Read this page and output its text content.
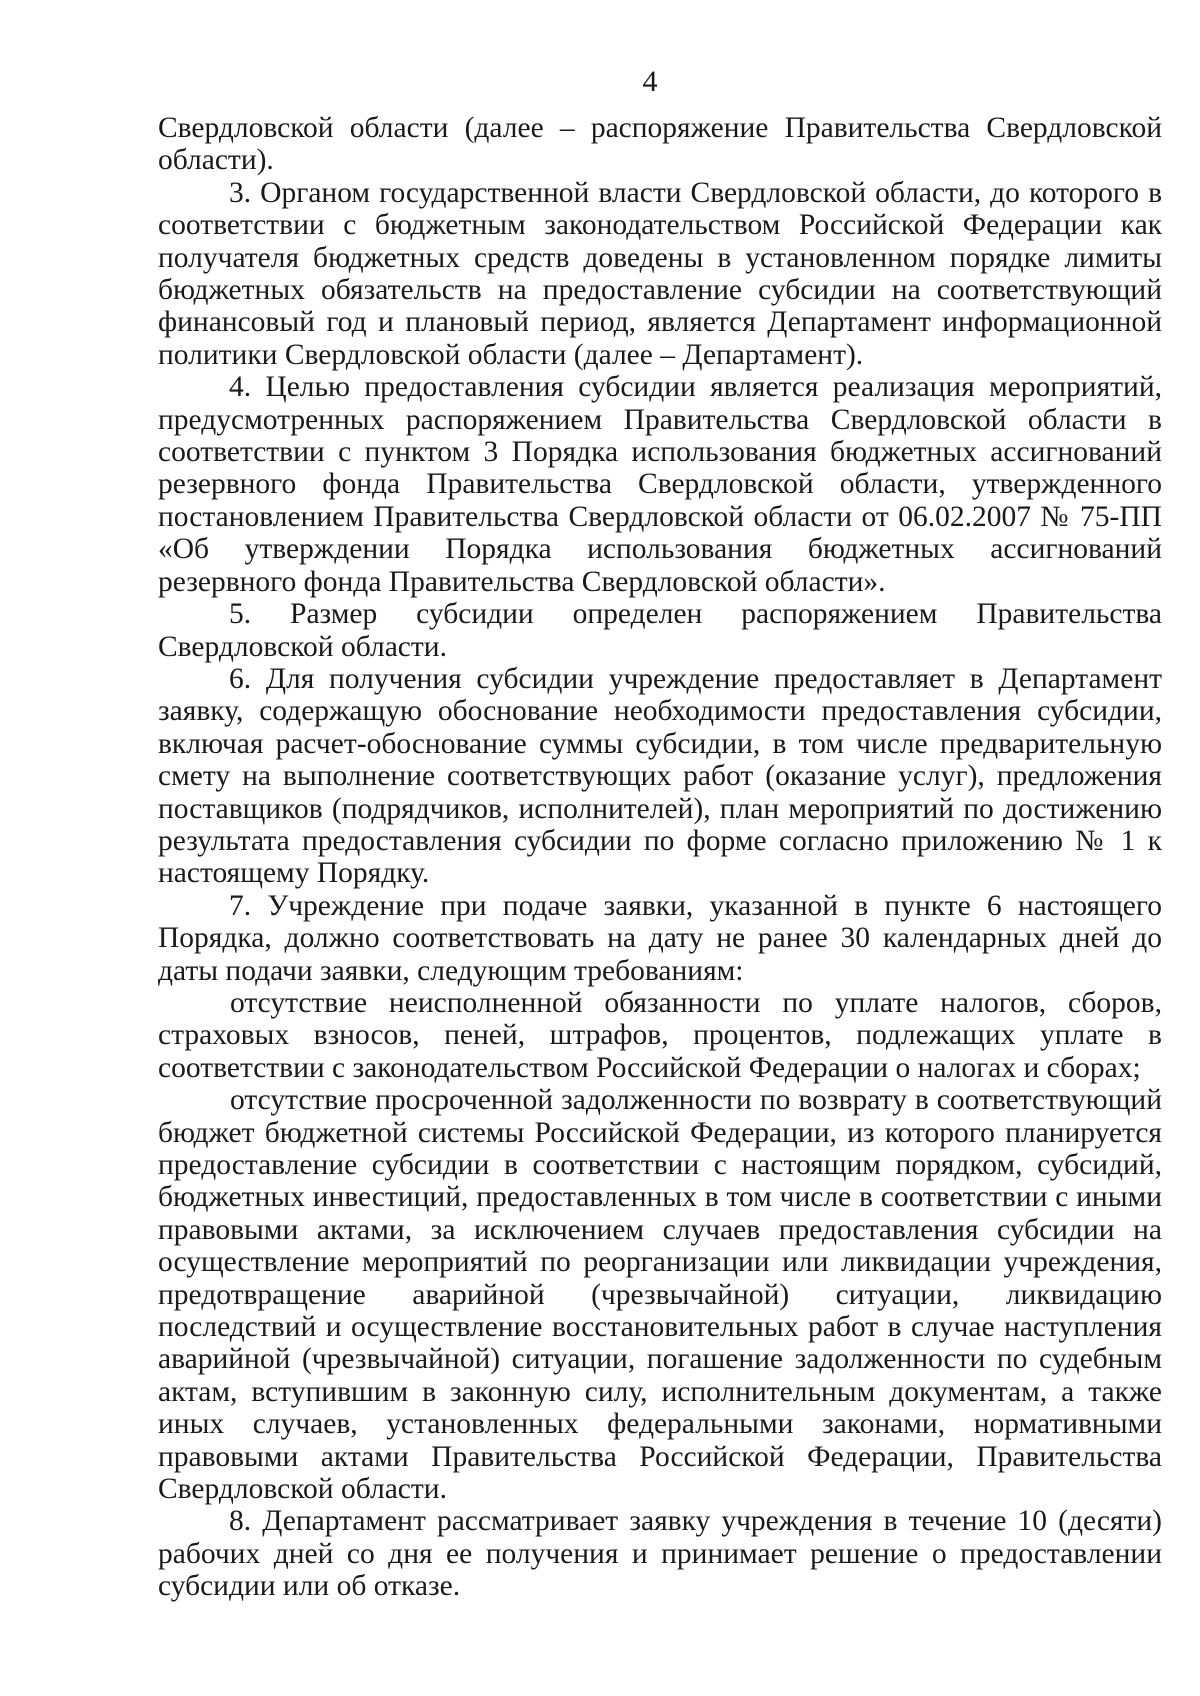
4

Свердловской области (далее – распоряжение Правительства Свердловской области).

3. Органом государственной власти Свердловской области, до которого в соответствии с бюджетным законодательством Российской Федерации как получателя бюджетных средств доведены в установленном порядке лимиты бюджетных обязательств на предоставление субсидии на соответствующий финансовый год и плановый период, является Департамент информационной политики Свердловской области (далее – Департамент).

4. Целью предоставления субсидии является реализация мероприятий, предусмотренных распоряжением Правительства Свердловской области в соответствии с пунктом 3 Порядка использования бюджетных ассигнований резервного фонда Правительства Свердловской области, утвержденного постановлением Правительства Свердловской области от 06.02.2007 № 75-ПП «Об утверждении Порядка использования бюджетных ассигнований резервного фонда Правительства Свердловской области».

5. Размер субсидии определен распоряжением Правительства Свердловской области.

6. Для получения субсидии учреждение предоставляет в Департамент заявку, содержащую обоснование необходимости предоставления субсидии, включая расчет-обоснование суммы субсидии, в том числе предварительную смету на выполнение соответствующих работ (оказание услуг), предложения поставщиков (подрядчиков, исполнителей), план мероприятий по достижению результата предоставления субсидии по форме согласно приложению № 1 к настоящему Порядку.

7. Учреждение при подаче заявки, указанной в пункте 6 настоящего Порядка, должно соответствовать на дату не ранее 30 календарных дней до даты подачи заявки, следующим требованиям:

отсутствие неисполненной обязанности по уплате налогов, сборов, страховых взносов, пеней, штрафов, процентов, подлежащих уплате в соответствии с законодательством Российской Федерации о налогах и сборах;

отсутствие просроченной задолженности по возврату в соответствующий бюджет бюджетной системы Российской Федерации, из которого планируется предоставление субсидии в соответствии с настоящим порядком, субсидий, бюджетных инвестиций, предоставленных в том числе в соответствии с иными правовыми актами, за исключением случаев предоставления субсидии на осуществление мероприятий по реорганизации или ликвидации учреждения, предотвращение аварийной (чрезвычайной) ситуации, ликвидацию последствий и осуществление восстановительных работ в случае наступления аварийной (чрезвычайной) ситуации, погашение задолженности по судебным актам, вступившим в законную силу, исполнительным документам, а также иных случаев, установленных федеральными законами, нормативными правовыми актами Правительства Российской Федерации, Правительства Свердловской области.

8. Департамент рассматривает заявку учреждения в течение 10 (десяти) рабочих дней со дня ее получения и принимает решение о предоставлении субсидии или об отказе.
